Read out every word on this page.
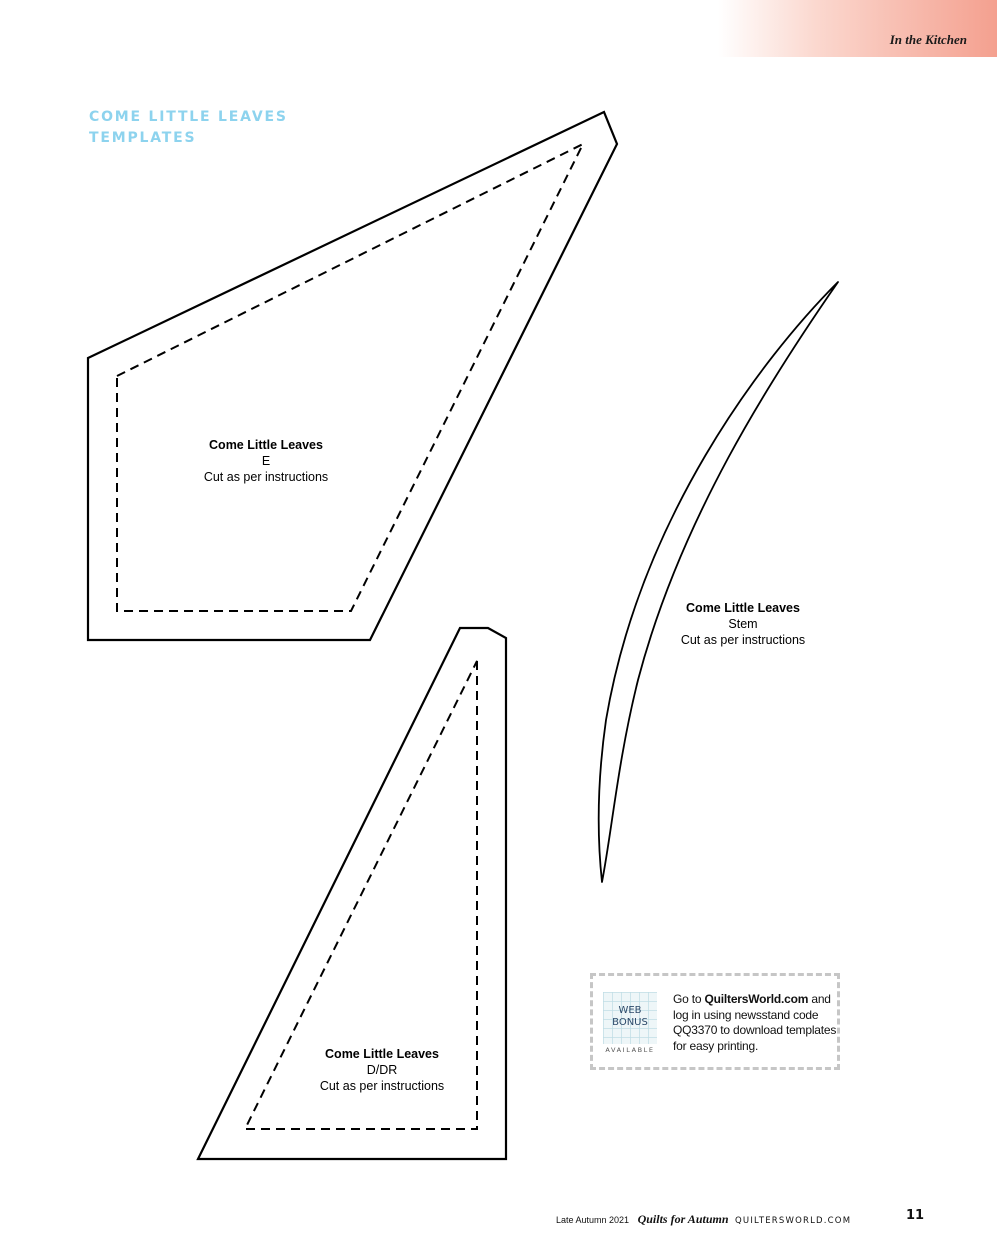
In the Kitchen
COME LITTLE LEAVES
TEMPLATES
Come Little Leaves
E
Cut as per instructions
Come Little Leaves
Stem
Cut as per instructions
Come Little Leaves
D/DR
Cut as per instructions
WEB
BONUS
AVAILABLE
Go to QuiltersWorld.com and log in using newsstand code QQ3370 to download templates for easy printing.
Late Autumn 2021 Quilts for Autumn QUILTERSWORLD.COM	11
